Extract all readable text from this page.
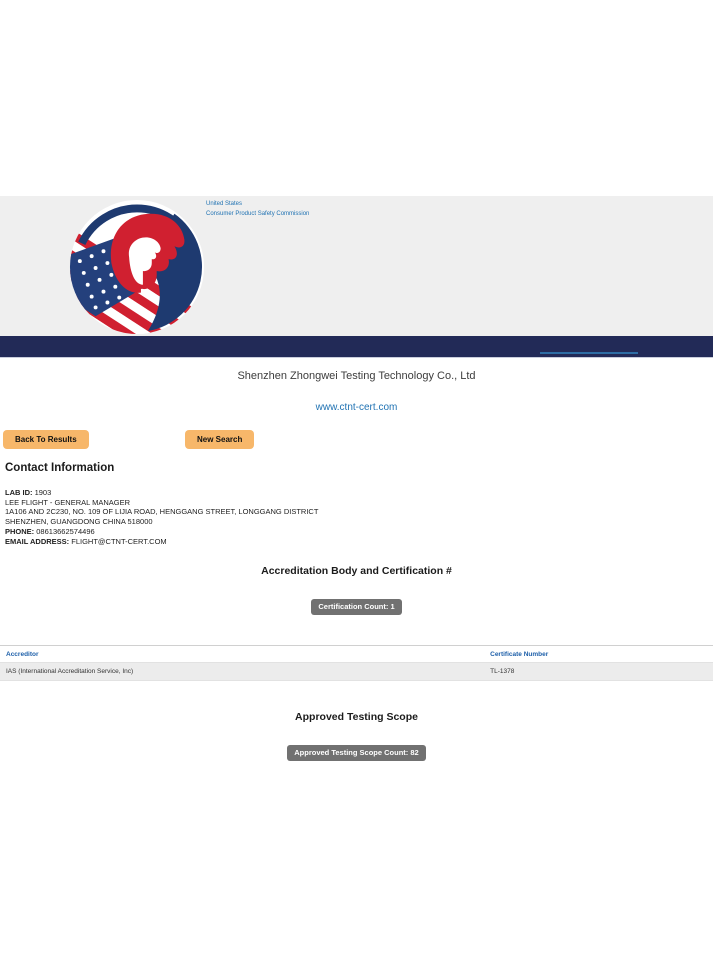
United States
Consumer Product Safety Commission
Shenzhen Zhongwei Testing Technology Co., Ltd
www.ctnt-cert.com
Back To Results	New Search
Contact Information
LAB ID: 1903
LEE FLIGHT - GENERAL MANAGER
1A106 AND 2C230, NO. 109 OF LIJIA ROAD, HENGGANG STREET, LONGGANG DISTRICT
SHENZHEN, GUANGDONG CHINA 518000
PHONE: 08613662574496
EMAIL ADDRESS: FLIGHT@CTNT-CERT.COM
Accreditation Body and Certification #
Certification Count: 1
Accreditor	Certificate Number
IAS (International Accreditation Service, Inc)	TL-1378
Approved Testing Scope
Approved Testing Scope Count: 82
